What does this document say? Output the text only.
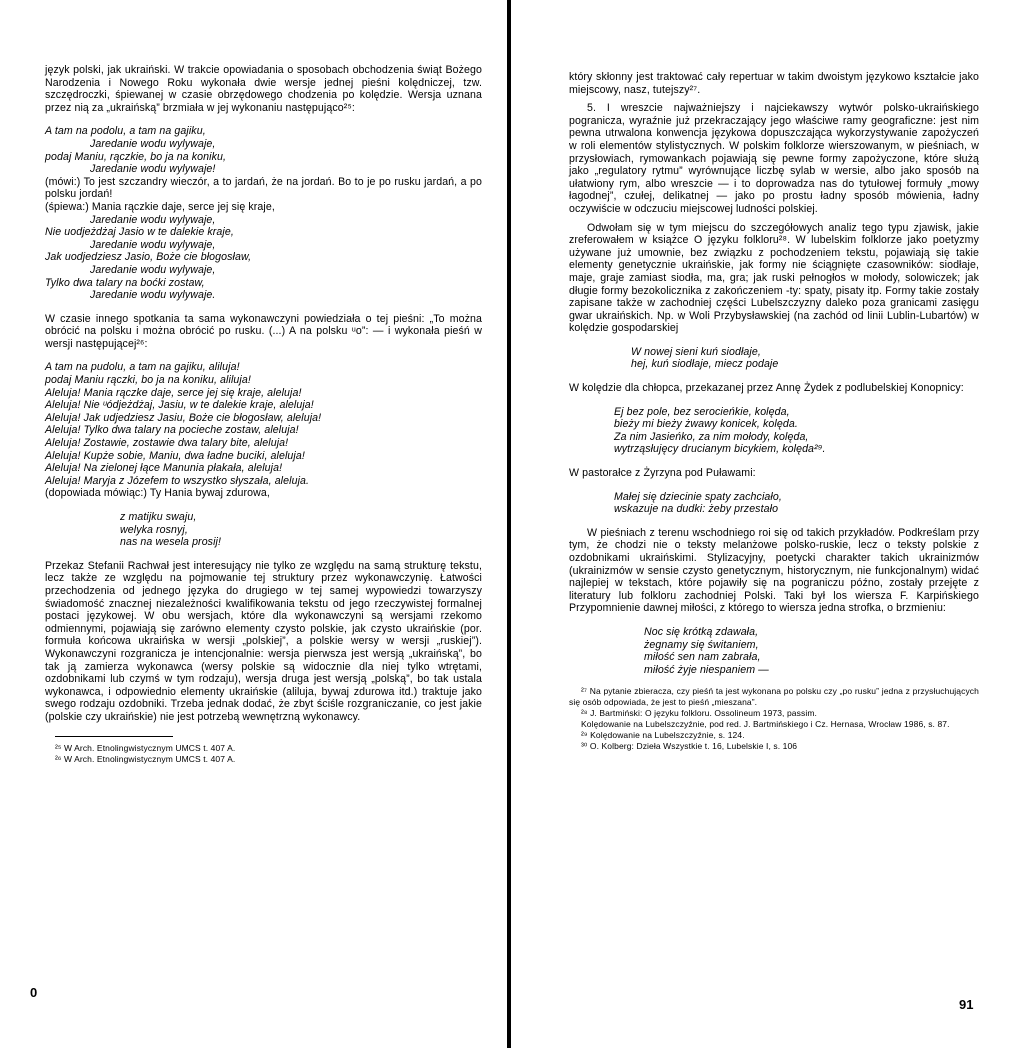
język polski, jak ukraiński. W trakcie opowiadania o sposobach obchodzenia świąt Bożego Narodzenia i Nowego Roku wykonała dwie wersje jednej pieśni kolędniczej, tzw. szczędroczki, śpiewanej w czasie obrzędowego chodzenia po kolędzie. Wersja uznana przez nią za „ukraińską” brzmiała w jej wykonaniu następująco²⁵:

A tam na podolu, a tam na gajiku,
Jaredanie wodu wylywaje,
podaj Maniu, rączkie, bo ja na koniku,
Jaredanie wodu wylywaje!

(mówi:) To jest szczandry wieczór, a to jardań, że na jordań. Bo to je po rusku jardań, a po polsku jordań!

(śpiewa:) Mania rączkie daje, serce jej się kraje,
Jaredanie wodu wylywaje,
Nie uodjeżdżaj Jasio w te dalekie kraje,
Jaredanie wodu wylywaje,
Jak uodjedziesz Jasio, Boże cie błogosław,
Jaredanie wodu wylywaje,
Tylko dwa talary na boćki zostaw,
Jaredanie wodu wylywaje.

W czasie innego spotkania ta sama wykonawczyni powiedziała o tej pieśni: „To można obrócić na polsku i można obrócić po rusku. (...) A na polsku ᵘo”: — i wykonała pieśń w wersji następującej²⁶:

A tam na pudolu, a tam na gajiku, aliluja!
podaj Maniu rączki, bo ja na koniku, aliluja!
Aleluja! Mania rączke daje, serce jej się kraje, aleluja!
Aleluja! Nie ᵘódjeżdżaj, Jasiu, w te dalekie kraje, aleluja!
Aleluja! Jak udjedziesz Jasiu, Boże cie błogosław, aleluja!
Aleluja! Tylko dwa talary na pocieche zostaw, aleluja!
Aleluja! Zostawie, zostawie dwa talary bite, aleluja!
Aleluja! Kupże sobie, Maniu, dwa ładne buciki, aleluja!
Aleluja! Na zielonej łące Manunia płakała, aleluja!
Aleluja! Maryja z Józefem to wszystko słyszała, aleluja.
(dopowiada mówiąc:) Ty Hania bywaj zdurowa,
z matijku swaju,
welyka rosnyj,
nas na wesela prosij!

Przekaz Stefanii Rachwał jest interesujący nie tylko ze względu na samą strukturę tekstu, lecz także ze względu na pojmowanie tej struktury przez wykonawczynię. Łatwości przechodzenia od jednego języka do drugiego w tej samej wypowiedzi towarzyszy świadomość znacznej niezależności kwalifikowania tekstu od jego rzeczywistej formalnej postaci językowej. W obu wersjach, które dla wykonawczyni są wersjami rzekomo odmiennymi, pojawiają się zarówno elementy czysto polskie, jak czysto ukraińskie (por. formuła końcowa ukraińska w wersji „polskiej”, a polskie wersy w wersji „ruskiej”). Wykonawczyni rozgranicza je intencjonalnie: wersja pierwsza jest wersją „ukraińską”, bo tak ją zamierza wykonawca (wersy polskie są widocznie dla niej tylko wtrętami, ozdobnikami lub czymś w tym rodzaju), wersja druga jest wersją „polską”, bo tak ustala wykonawca, i odpowiednio elementy ukraińskie (aliluja, bywaj zdurowa itd.) traktuje jako swego rodzaju ozdobniki. Trzeba jednak dodać, że zbyt ściśle rozgraniczanie, co jest jakie (polskie czy ukraińskie) nie jest potrzebą wewnętrzną wykonawcy.

²⁵ W Arch. Etnolingwistycznym UMCS t. 407 A.
²⁶ W Arch. Etnolingwistycznym UMCS t. 407 A.
0

który skłonny jest traktować cały repertuar w takim dwoistym językowo kształcie jako miejscowy, nasz, tutejszy²⁷.

5. I wreszcie najważniejszy i najciekawszy wytwór polsko-ukraińskiego pogranicza, wyraźnie już przekraczający jego właściwe ramy geograficzne: jest nim pewna utrwalona konwencja językowa dopuszczająca wykorzystywanie zapożyczeń w roli elementów stylistycznych. W polskim folklorze wierszowanym, w pieśniach, w przysłowiach, rymowankach pojawiają się pewne formy zapożyczone, które służą jako „regulatory rytmu” wyrównujące liczbę sylab w wersie, albo jako sposób na ułatwiony rym, albo wreszcie — i to doprowadza nas do tytułowej formuły „mowy łagodnej”, czułej, delikatnej — jako po prostu ładny sposób mówienia, ładny oczywiście w odczuciu miejscowej ludności polskiej.

Odwołam się w tym miejscu do szczegółowych analiz tego typu zjawisk, jakie zreferowałem w książce O języku folkloru²⁸. W lubelskim folklorze jako poetyzmy używane już umownie, bez związku z pochodzeniem tekstu, pojawiają się takie elementy genetycznie ukraińskie, jak formy nie ściągnięte czasowników: siodłaje, maje, graje zamiast siodła, ma, gra; jak ruski pełnogłos w mołody, solowiczek; jak długie formy bezokolicznika z zakończeniem -ty: spaty, pisaty itp. Formy takie zostały zapisane także w zachodniej części Lubelszczyzny daleko poza granicami zasięgu gwar ukraińskich. Np. w Woli Przybysławskiej (na zachód od linii Lublin-Lubartów) w kolędzie gospodarskiej

W nowej sieni kuń siodłaje,
hej, kuń siodłaje, miecz podaje

W kolędzie dla chłopca, przekazanej przez Annę Żydek z podlubelskiej Konopnicy:

Ej bez pole, bez serocieńkie, kolęda,
bieży mi bieży żwawy konicek, kolęda.
Za nim Jasieńko, za nim mołody, kolęda,
wytrząsłujęcy drucianym bicykiem, kolęda²⁹.

W pastorałce z Żyrzyna pod Puławami:

Małej się dziecinie spaty zachciało,
wskazuje na dudki: żeby przestało

W pieśniach z terenu wschodniego roi się od takich przykładów. Podkreślam przy tym, że chodzi nie o teksty melanżowe polsko-ruskie, lecz o teksty polskie z ozdobnikami ukraińskimi. Stylizacyjny, poetycki charakter takich ukrainizmów (ukrainizmów w sensie czysto genetycznym, historycznym, nie funkcjonalnym) widać najlepiej w tekstach, które pojawiły się na pograniczu późno, zostały przejęte z literatury lub folkloru zachodniej Polski. Taki był los wiersza F. Karpińskiego Przypomnienie dawnej miłości, z którego to wiersza jedna strofka, o brzmieniu:

Noc się krótką zdawała,
żegnamy się świtaniem,
miłość sen nam zabrała,
miłość żyje niespaniem —

²⁷ Na pytanie zbieracza, czy pieśń ta jest wykonana po polsku czy „po rusku” jedna z przysłuchujących się osób odpowiada, że jest to pieśń „mieszana”.

²⁸ J. Bartmiński: O języku folkloru. Ossolineum 1973, passim.

Kolędowanie na Lubelszczyźnie, pod red. J. Bartmińskiego i Cz. Hernasa, Wrocław 1986, s. 87.

²⁹ Kolędowanie na Lubelszczyźnie, s. 124.

³⁰ O. Kolberg: Dzieła Wszystkie t. 16, Lubelskie I, s. 106

91
